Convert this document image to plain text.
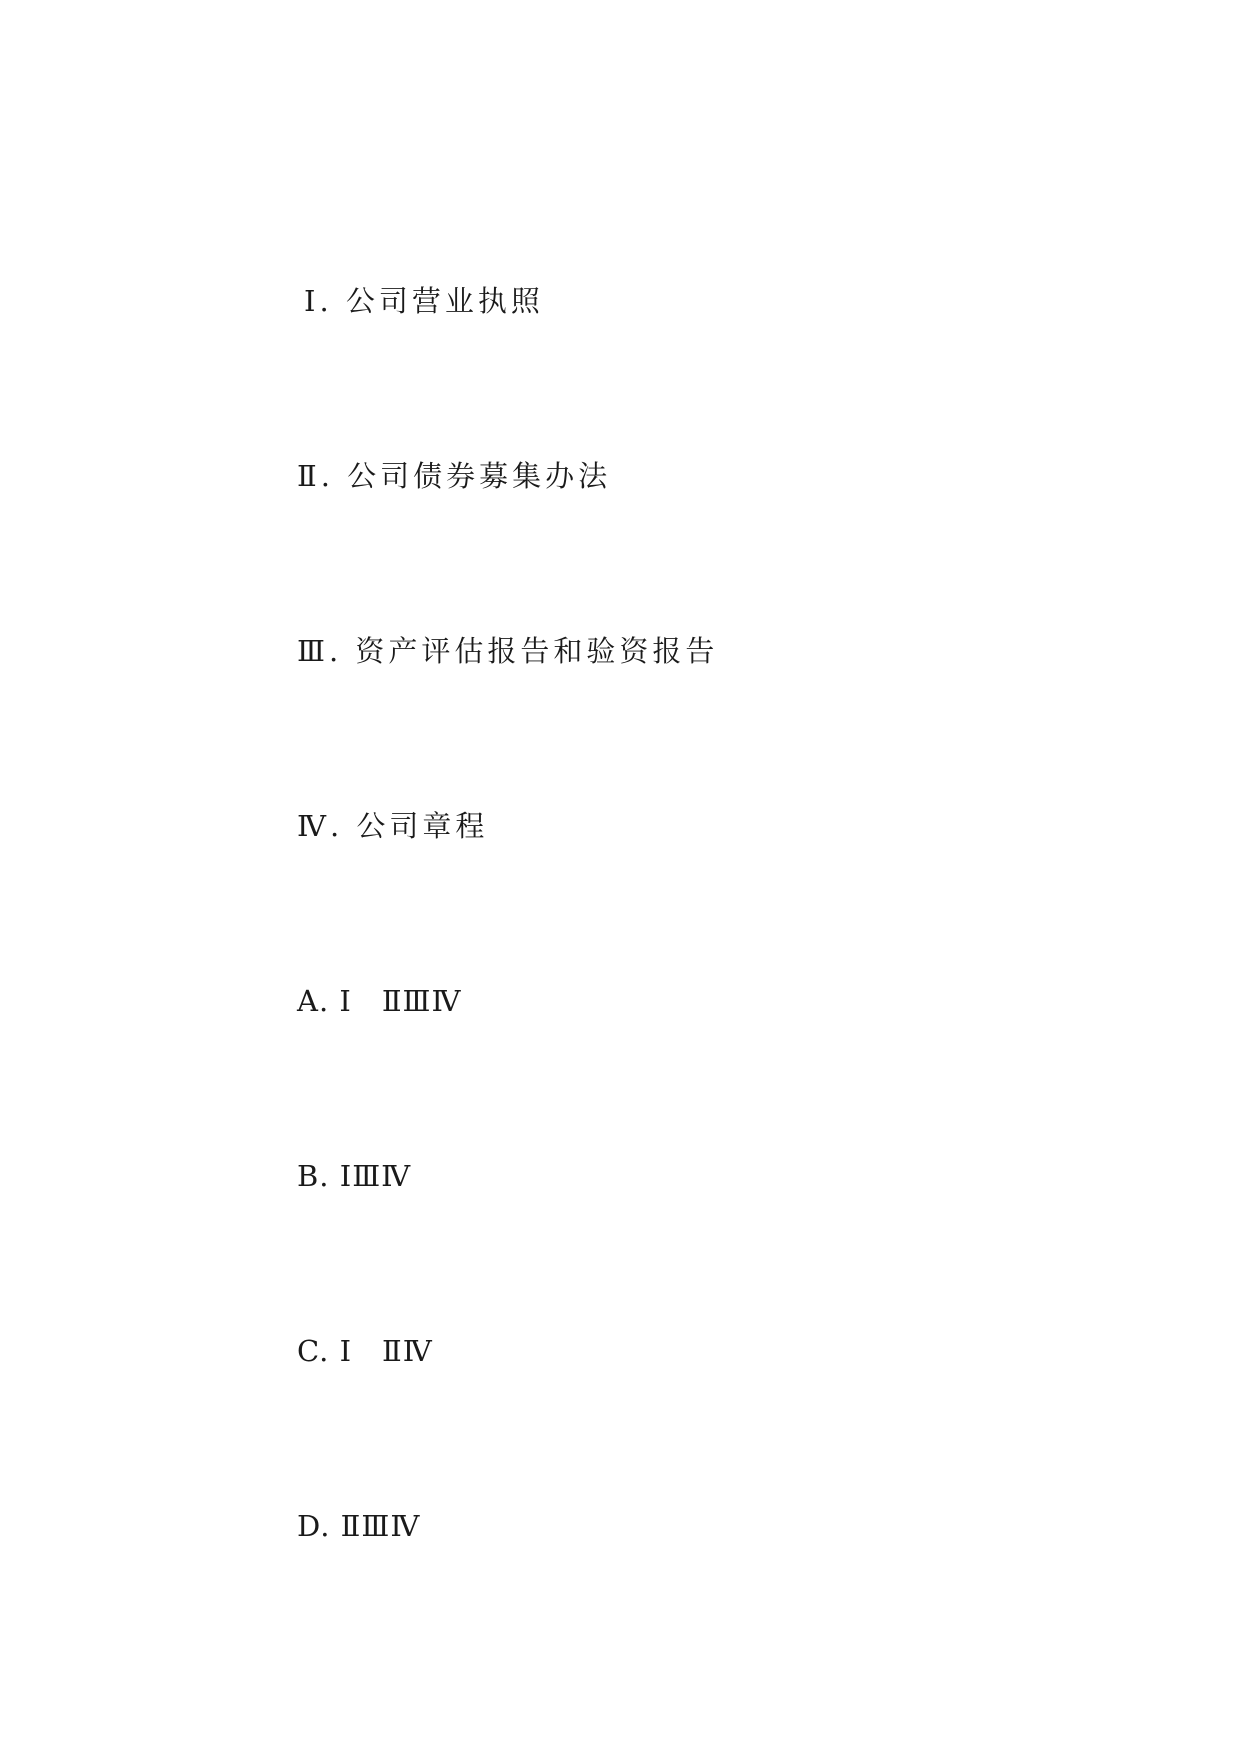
Ⅰ. 公司营业执照
Ⅱ. 公司债券募集办法
Ⅲ. 资产评估报告和验资报告
Ⅳ. 公司章程
A. Ⅰ　ⅡⅢⅣ
B. ⅠⅢⅣ
C. Ⅰ　ⅡⅣ
D. ⅡⅢⅣ
